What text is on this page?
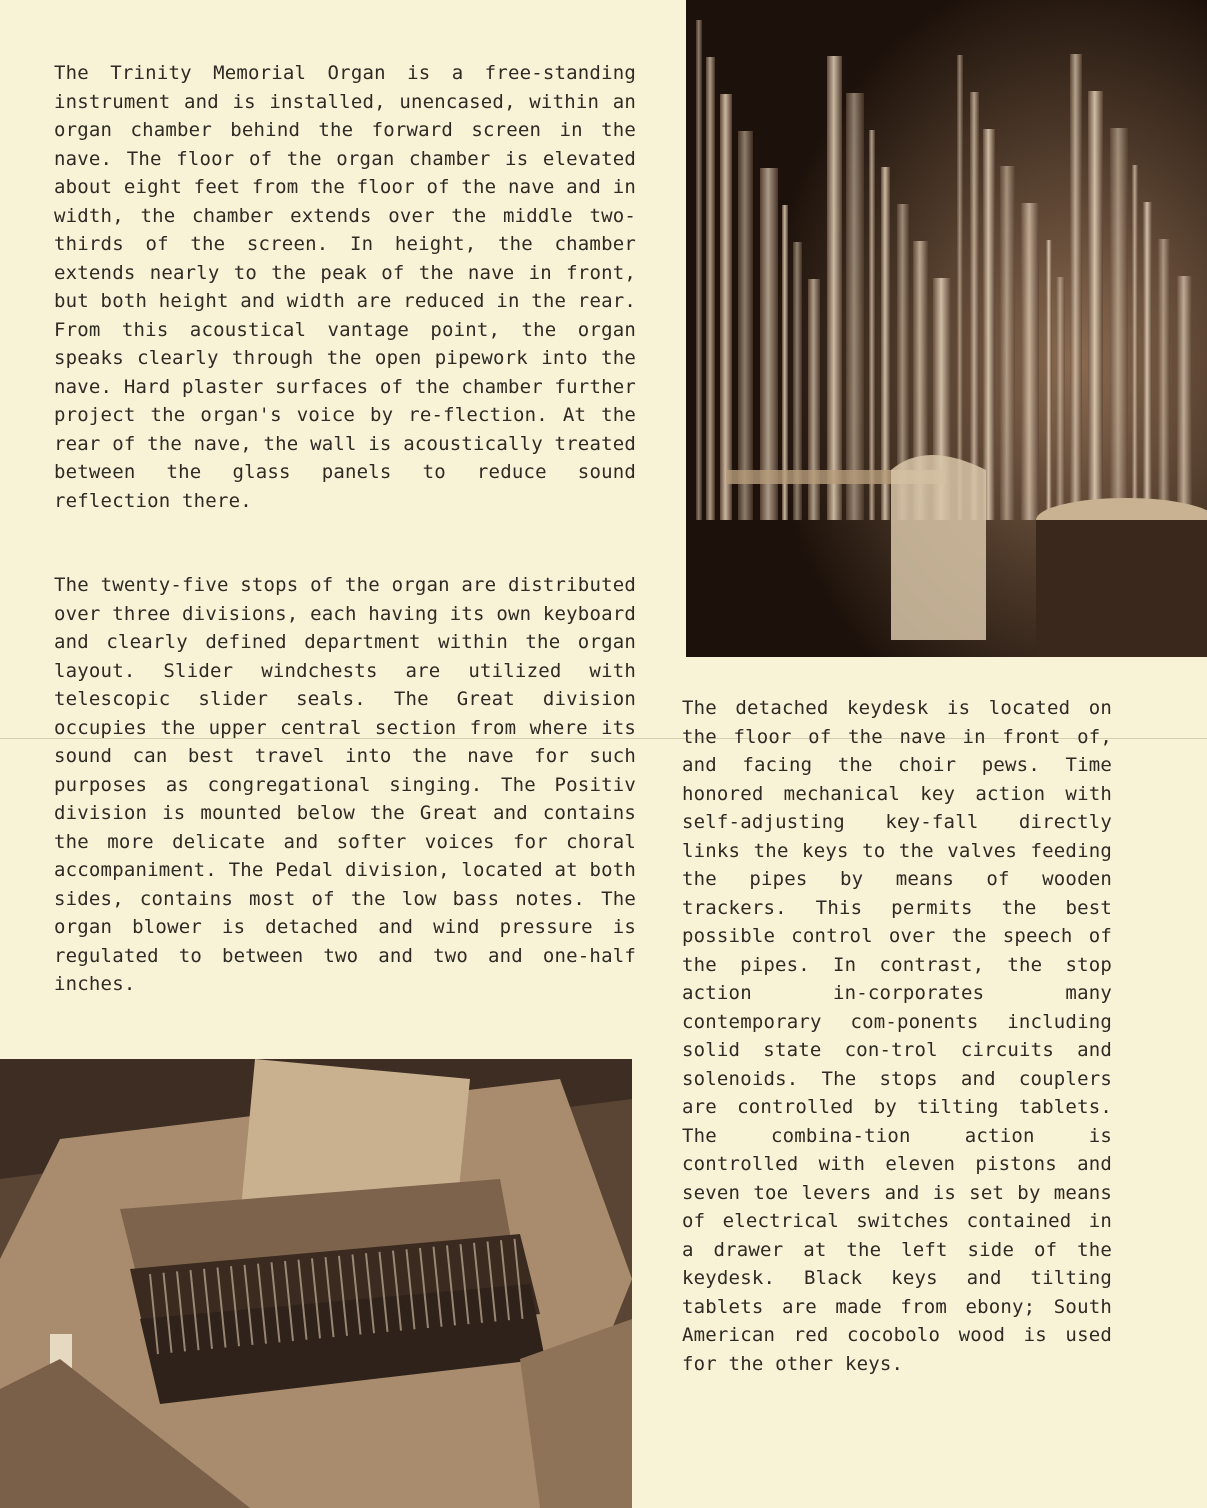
The Trinity Memorial Organ is a free-standing instrument and is installed, unencased, within an organ chamber behind the forward screen in the nave. The floor of the organ chamber is elevated about eight feet from the floor of the nave and in width, the chamber extends over the middle two-thirds of the screen. In height, the chamber extends nearly to the peak of the nave in front, but both height and width are reduced in the rear. From this acoustical vantage point, the organ speaks clearly through the open pipework into the nave. Hard plaster surfaces of the chamber further project the organ's voice by re-flection. At the rear of the nave, the wall is acoustically treated between the glass panels to reduce sound reflection there.

The twenty-five stops of the organ are distributed over three divisions, each having its own keyboard and clearly defined department within the organ layout. Slider windchests are utilized with telescopic slider seals. The Great division occupies the upper central section from where its sound can best travel into the nave for such purposes as congregational singing. The Positiv division is mounted below the Great and contains the more delicate and softer voices for choral accompaniment. The Pedal division, located at both sides, contains most of the low bass notes. The organ blower is detached and wind pressure is regulated to between two and two and one-half inches.

The detached keydesk is located on the floor of the nave in front of, and facing the choir pews. Time honored mechanical key action with self-adjusting key-fall directly links the keys to the valves feeding the pipes by means of wooden trackers. This permits the best possible control over the speech of the pipes. In contrast, the stop action in-corporates many contemporary com-ponents including solid state con-trol circuits and solenoids. The stops and couplers are controlled by tilting tablets. The combina-tion action is controlled with eleven pistons and seven toe levers and is set by means of electrical switches contained in a drawer at the left side of the keydesk. Black keys and tilting tablets are made from ebony; South American red cocobolo wood is used for the other keys.
